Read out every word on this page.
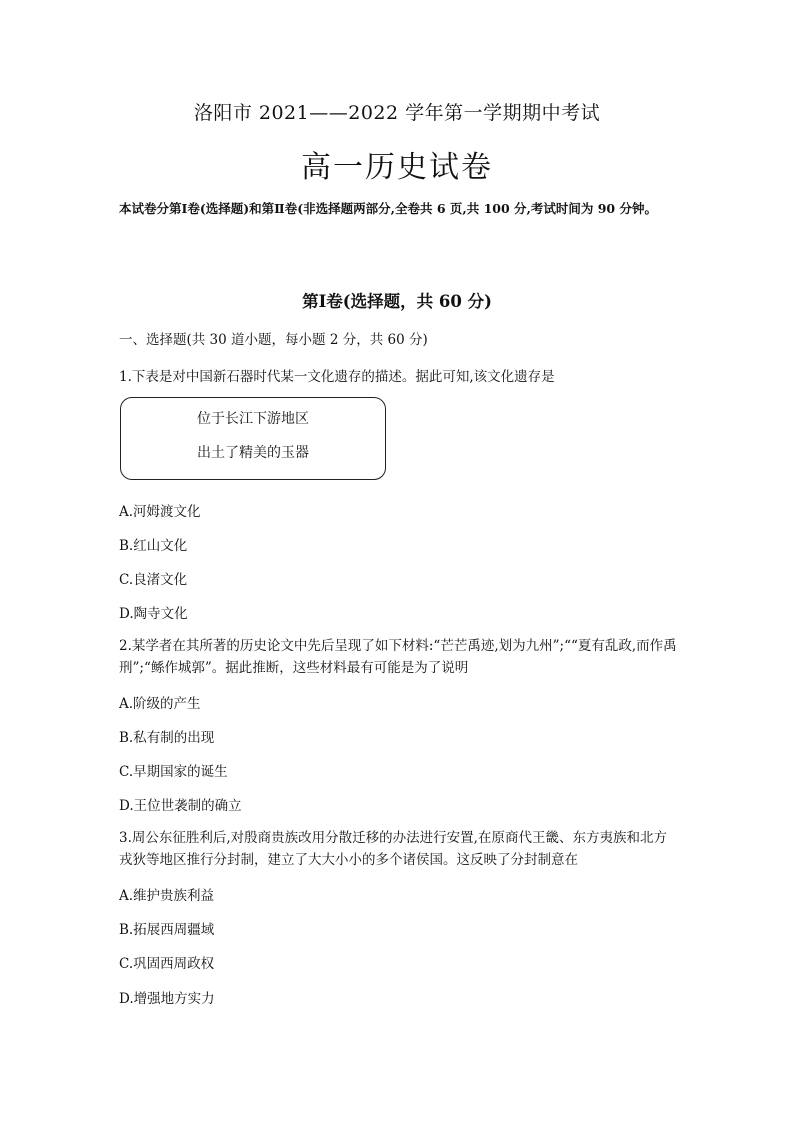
洛阳市 2021——2022 学年第一学期期中考试
高一历史试卷
本试卷分第Ⅰ卷(选择题)和第Ⅱ卷(非选择题两部分,全卷共 6 页,共 100 分,考试时间为 90 分钟。
第Ⅰ卷(选择题，共 60 分)
一、选择题(共 30 道小题，每小题 2 分，共 60 分)
1.下表是对中国新石器时代某一文化遗存的描述。据此可知,该文化遗存是
位于长江下游地区
出土了精美的玉器
A.河姆渡文化
B.红山文化
C.良渚文化
D.陶寺文化
2.某学者在其所著的历史论文中先后呈现了如下材料:“芒芒禹迹,划为九州”;““夏有乱政,而作禹刑”;“鲧作城郭”。据此推断，这些材料最有可能是为了说明
A.阶级的产生
B.私有制的出现
C.早期国家的诞生
D.王位世袭制的确立
3.周公东征胜利后,对殷商贵族改用分散迁移的办法进行安置,在原商代王畿、东方夷族和北方戎狄等地区推行分封制，建立了大大小小的多个诸侯国。这反映了分封制意在
A.维护贵族利益
B.拓展西周疆域
C.巩固西周政权
D.增强地方实力
